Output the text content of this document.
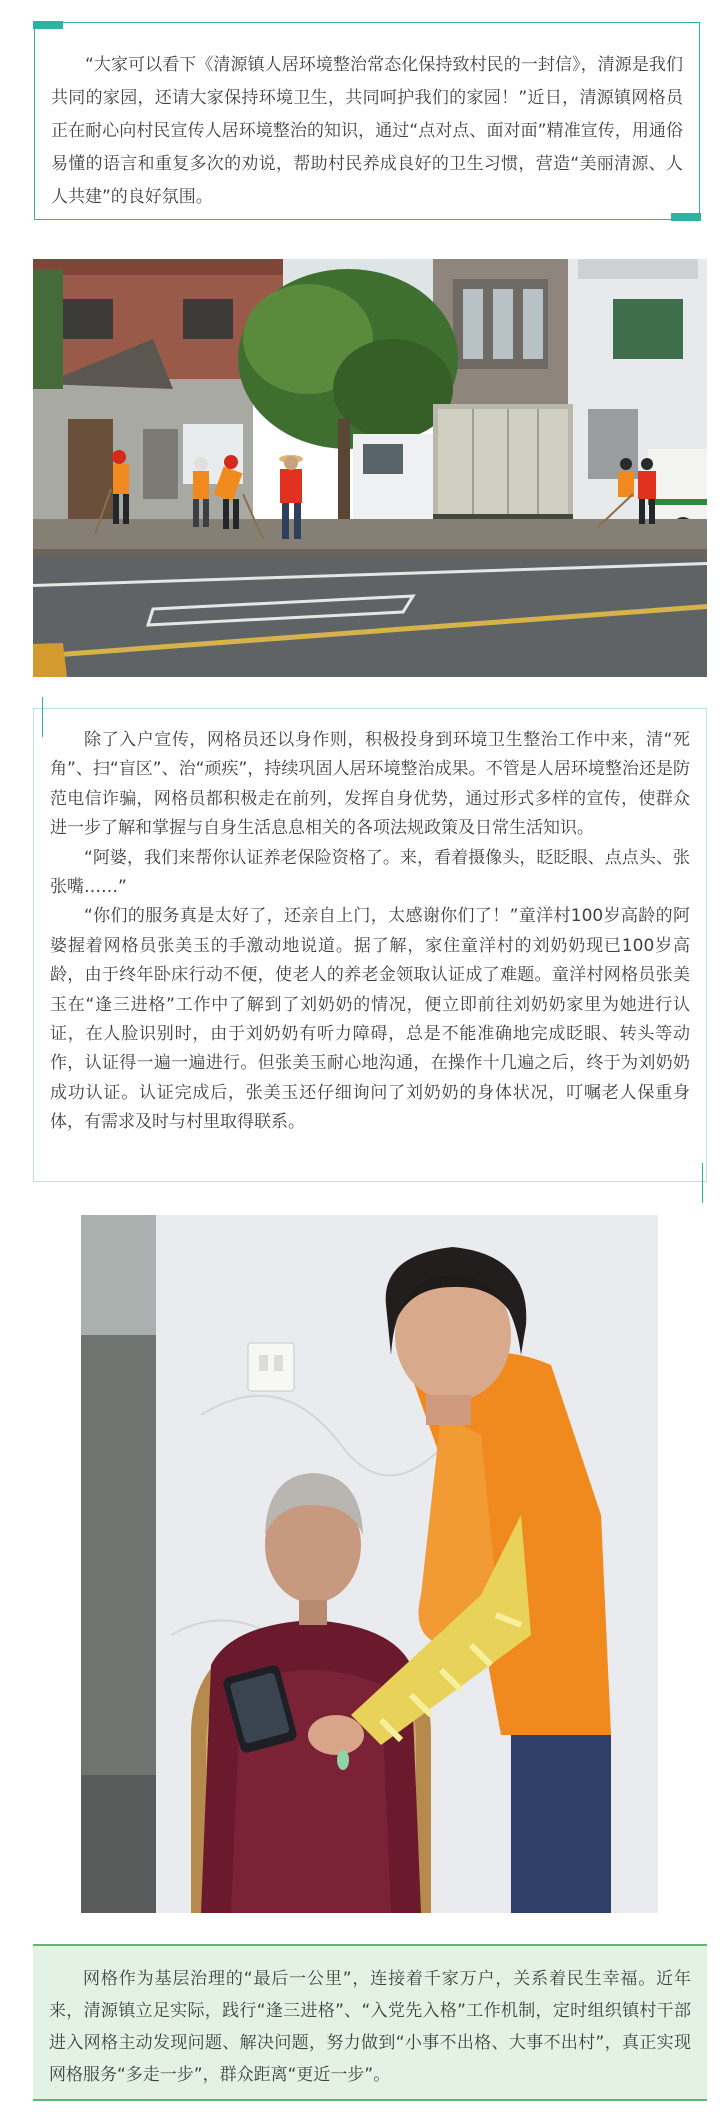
“大家可以看下《清源镇人居环境整治常态化保持致村民的一封信》，清源是我们共同的家园，还请大家保持环境卫生，共同呵护我们的家园！”近日，清源镇网格员正在耐心向村民宣传人居环境整治的知识，通过“点对点、面对面”精准宣传，用通俗易懂的语言和重复多次的劝说，帮助村民养成良好的卫生习惯，营造“美丽清源、人人共建”的良好氛围。

除了入户宣传，网格员还以身作则，积极投身到环境卫生整治工作中来，清“死角”、扫“盲区”、治“顽疾”，持续巩固人居环境整治成果。不管是人居环境整治还是防范电信诈骗，网格员都积极走在前列，发挥自身优势，通过形式多样的宣传，使群众进一步了解和掌握与自身生活息息相关的各项法规政策及日常生活知识。

“阿婆，我们来帮你认证养老保险资格了。来，看着摄像头，眨眨眼、点点头、张张嘴……”

“你们的服务真是太好了，还亲自上门，太感谢你们了！”童洋村100岁高龄的阿婆握着网格员张美玉的手激动地说道。据了解，家住童洋村的刘奶奶现已100岁高龄，由于终年卧床行动不便，使老人的养老金领取认证成了难题。童洋村网格员张美玉在“逢三进格”工作中了解到了刘奶奶的情况，便立即前往刘奶奶家里为她进行认证，在人脸识别时，由于刘奶奶有听力障碍，总是不能准确地完成眨眼、转头等动作，认证得一遍一遍进行。但张美玉耐心地沟通，在操作十几遍之后，终于为刘奶奶成功认证。认证完成后，张美玉还仔细询问了刘奶奶的身体状况，叮嘱老人保重身体，有需求及时与村里取得联系。

网格作为基层治理的“最后一公里”，连接着千家万户，关系着民生幸福。近年来，清源镇立足实际，践行“逢三进格”、“入党先入格”工作机制，定时组织镇村干部进入网格主动发现问题、解决问题，努力做到“小事不出格、大事不出村”，真正实现网格服务“多走一步”，群众距离“更近一步”。
